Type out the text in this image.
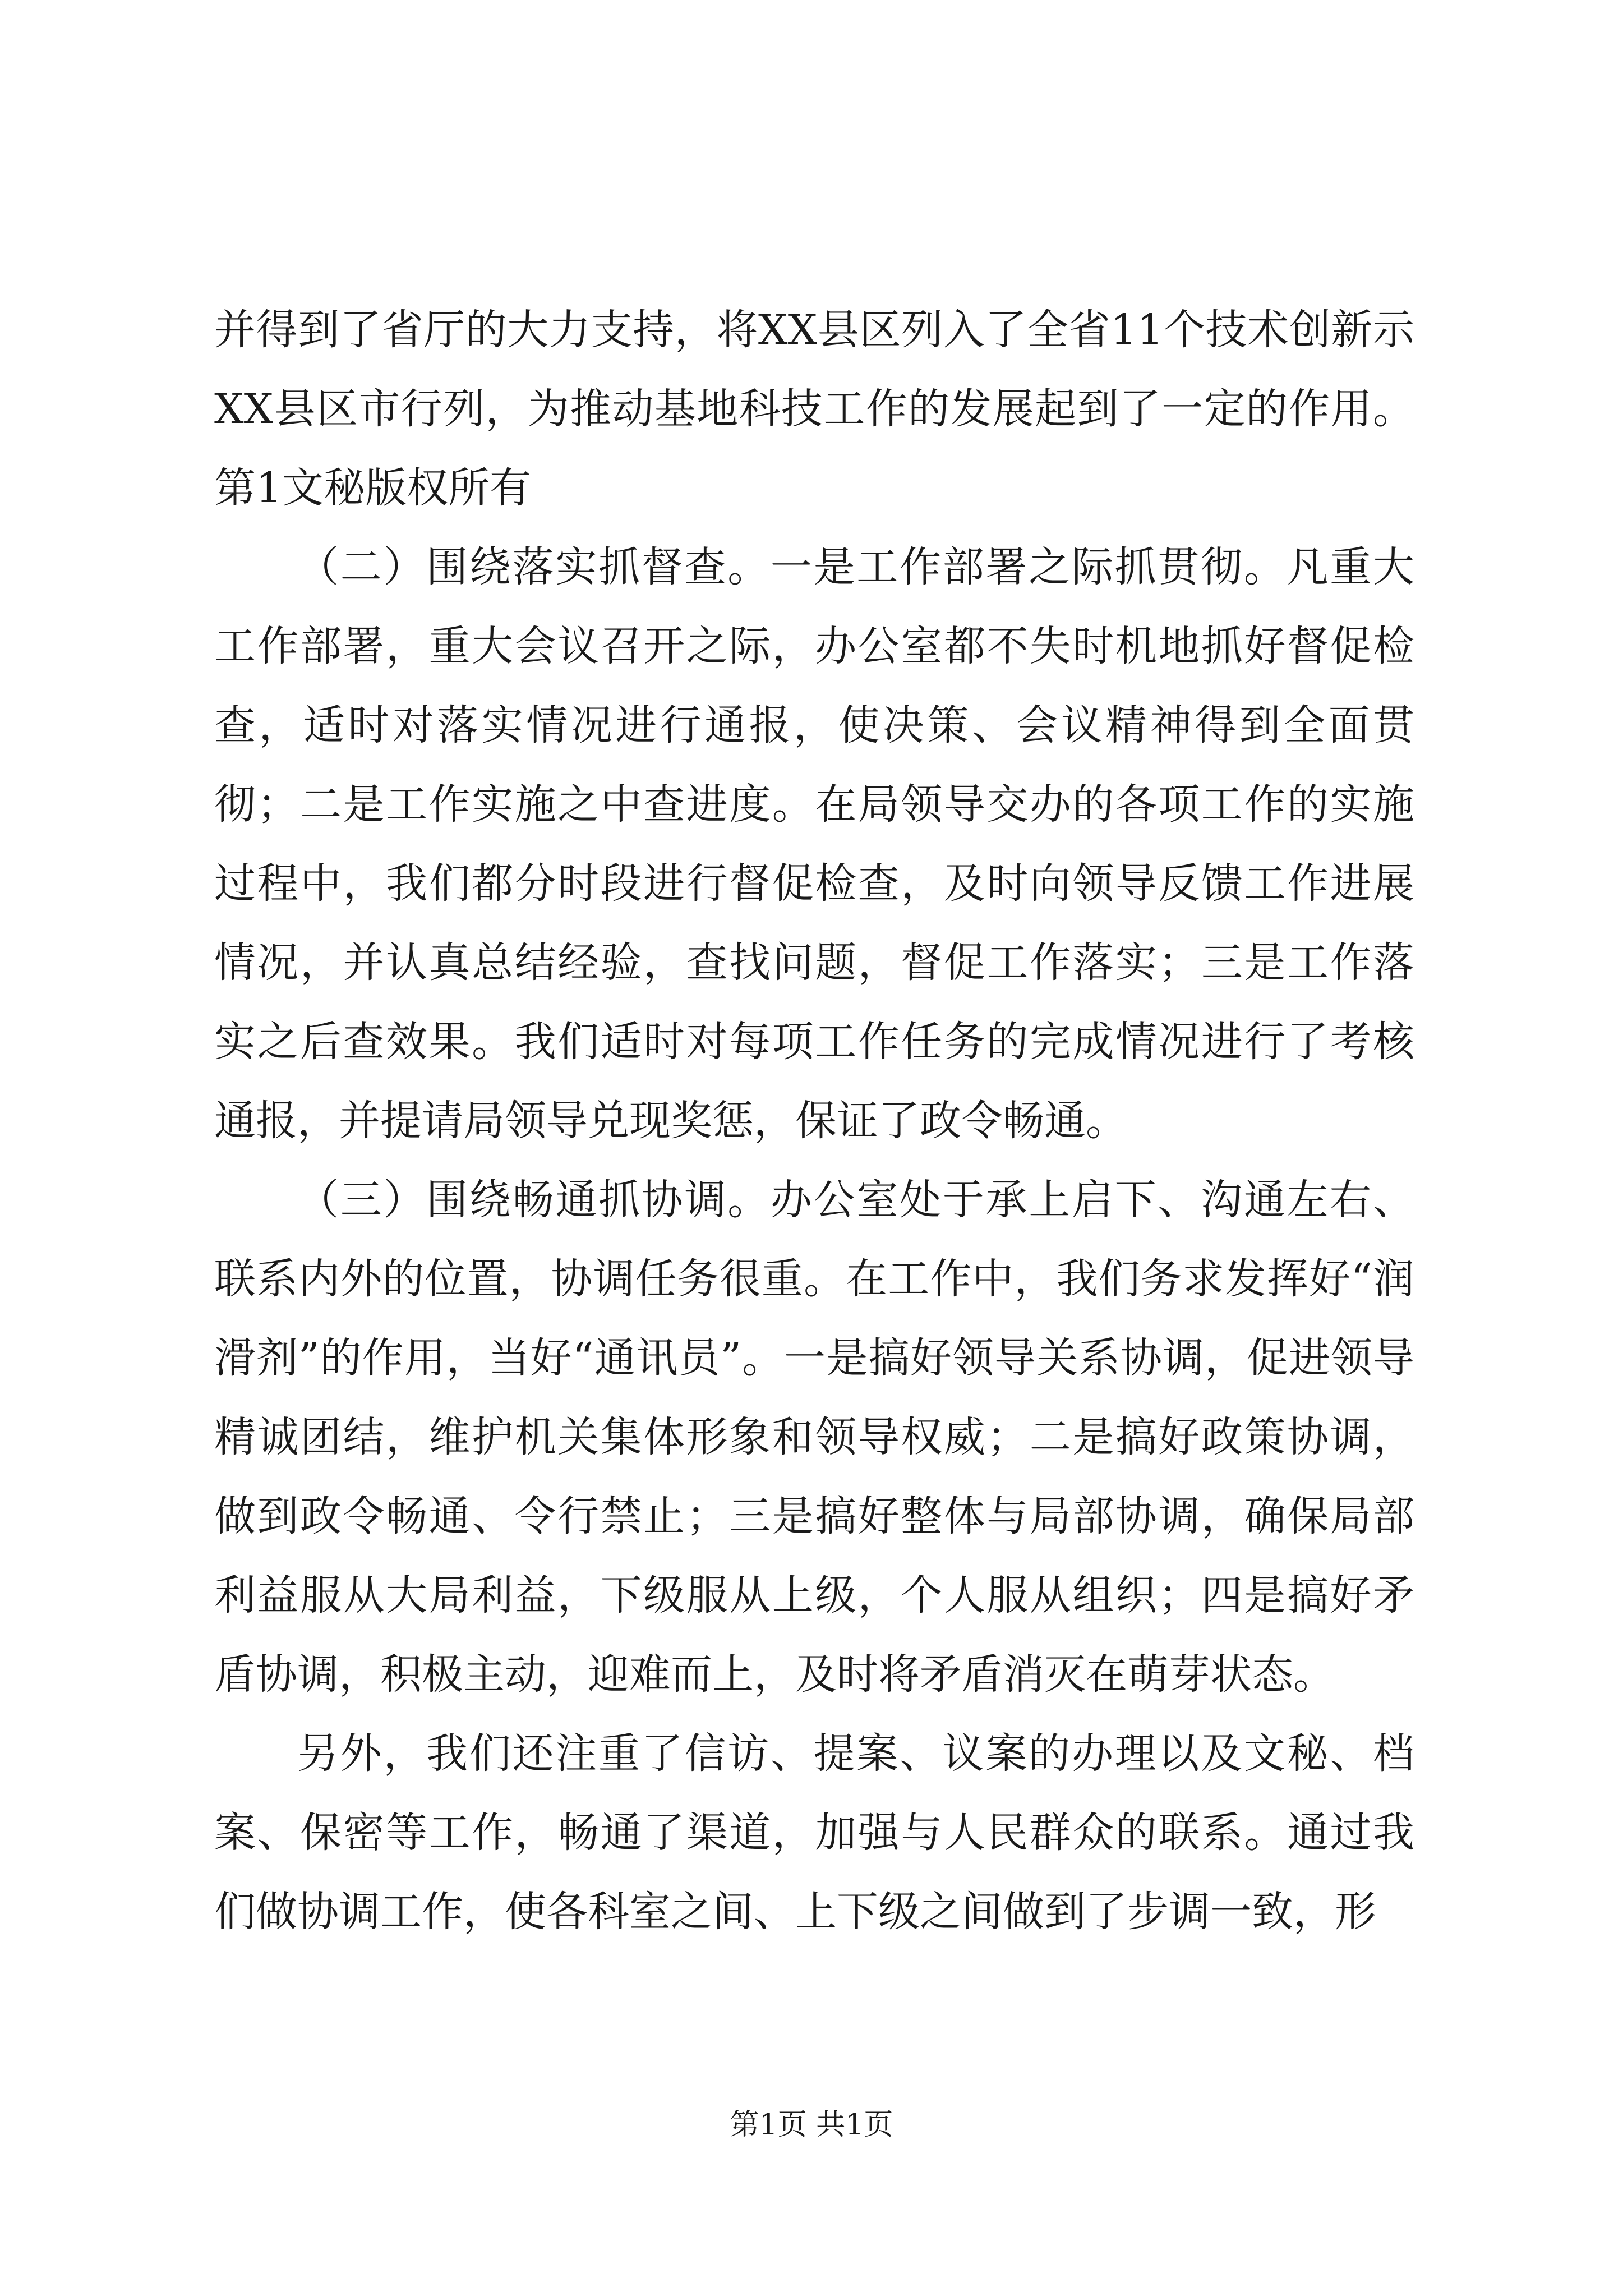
并得到了省厅的大力支持，将XX县区列入了全省11个技术创新示XX县区市行列，为推动基地科技工作的发展起到了一定的作用。第1文秘版权所有

（二）围绕落实抓督查。一是工作部署之际抓贯彻。凡重大工作部署，重大会议召开之际，办公室都不失时机地抓好督促检查，适时对落实情况进行通报，使决策、会议精神得到全面贯彻；二是工作实施之中查进度。在局领导交办的各项工作的实施过程中，我们都分时段进行督促检查，及时向领导反馈工作进展情况，并认真总结经验，查找问题，督促工作落实；三是工作落实之后查效果。我们适时对每项工作任务的完成情况进行了考核通报，并提请局领导兑现奖惩，保证了政令畅通。

（三）围绕畅通抓协调。办公室处于承上启下、沟通左右、联系内外的位置，协调任务很重。在工作中，我们务求发挥好“润滑剂”的作用，当好“通讯员”。一是搞好领导关系协调，促进领导精诚团结，维护机关集体形象和领导权威；二是搞好政策协调，做到政令畅通、令行禁止；三是搞好整体与局部协调，确保局部利益服从大局利益，下级服从上级，个人服从组织；四是搞好矛盾协调，积极主动，迎难而上，及时将矛盾消灭在萌芽状态。

另外，我们还注重了信访、提案、议案的办理以及文秘、档案、保密等工作，畅通了渠道，加强与人民群众的联系。通过我们做协调工作，使各科室之间、上下级之间做到了步调一致，形

第1页 共1页
